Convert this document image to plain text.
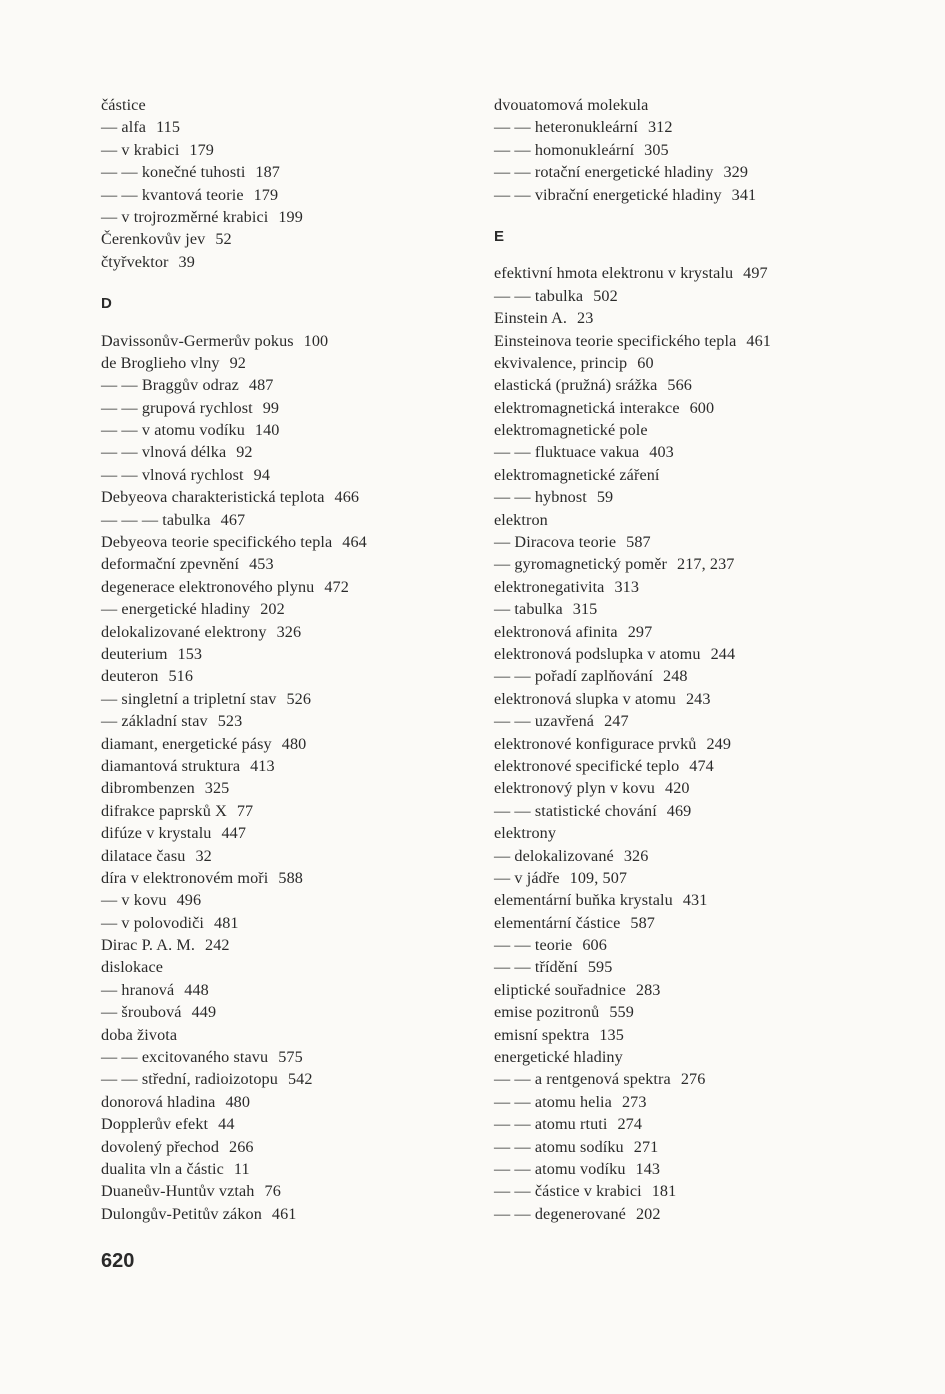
částice
— alfa 115
— v krabici 179
— — konečné tuhosti 187
— — kvantová teorie 179
— v trojrozměrné krabici 199
Čerenkovův jev 52
čtyřvektor 39
D
Davissonův-Germerův pokus 100
de Broglieho vlny 92
— — Braggův odraz 487
— — grupová rychlost 99
— — v atomu vodíku 140
— — vlnová délka 92
— — vlnová rychlost 94
Debyeova charakteristická teplota 466
— — — tabulka 467
Debyeova teorie specifického tepla 464
deformační zpevnění 453
degenerace elektronového plynu 472
— energetické hladiny 202
delokalizované elektrony 326
deuterium 153
deuteron 516
— singletní a tripletní stav 526
— základní stav 523
diamant, energetické pásy 480
diamantová struktura 413
dibrombenzen 325
difrakce paprsků X 77
difúze v krystalu 447
dilatace času 32
díra v elektronovém moři 588
— v kovu 496
— v polovodiči 481
Dirac P. A. M. 242
dislokace
— hranová 448
— šroubová 449
doba života
— — excitovaného stavu 575
— — střední, radioizotopu 542
donorová hladina 480
Dopplerův efekt 44
dovolený přechod 266
dualita vln a částic 11
Duaneův-Huntův vztah 76
Dulongův-Petitův zákon 461
dvouatomová molekula
— — heteronukleární 312
— — homonukleární 305
— — rotační energetické hladiny 329
— — vibrační energetické hladiny 341
E
efektivní hmota elektronu v krystalu 497
— — tabulka 502
Einstein A. 23
Einsteinova teorie specifického tepla 461
ekvivalence, princip 60
elastická (pružná) srážka 566
elektromagnetická interakce 600
elektromagnetické pole
— — fluktuace vakua 403
elektromagnetické záření
— — hybnost 59
elektron
— Diracova teorie 587
— gyromagnetický poměr 217, 237
elektronegativita 313
— tabulka 315
elektronová afinita 297
elektronová podslupka v atomu 244
— — pořadí zaplňování 248
elektronová slupka v atomu 243
— — uzavřená 247
elektronové konfigurace prvků 249
elektronové specifické teplo 474
elektronový plyn v kovu 420
— — statistické chování 469
elektrony
— delokalizované 326
— v jádře 109, 507
elementární buňka krystalu 431
elementární částice 587
— — teorie 606
— — třídění 595
eliptické souřadnice 283
emise pozitronů 559
emisní spektra 135
energetické hladiny
— — a rentgenová spektra 276
— — atomu helia 273
— — atomu rtuti 274
— — atomu sodíku 271
— — atomu vodíku 143
— — částice v krabici 181
— — degenerované 202
620
